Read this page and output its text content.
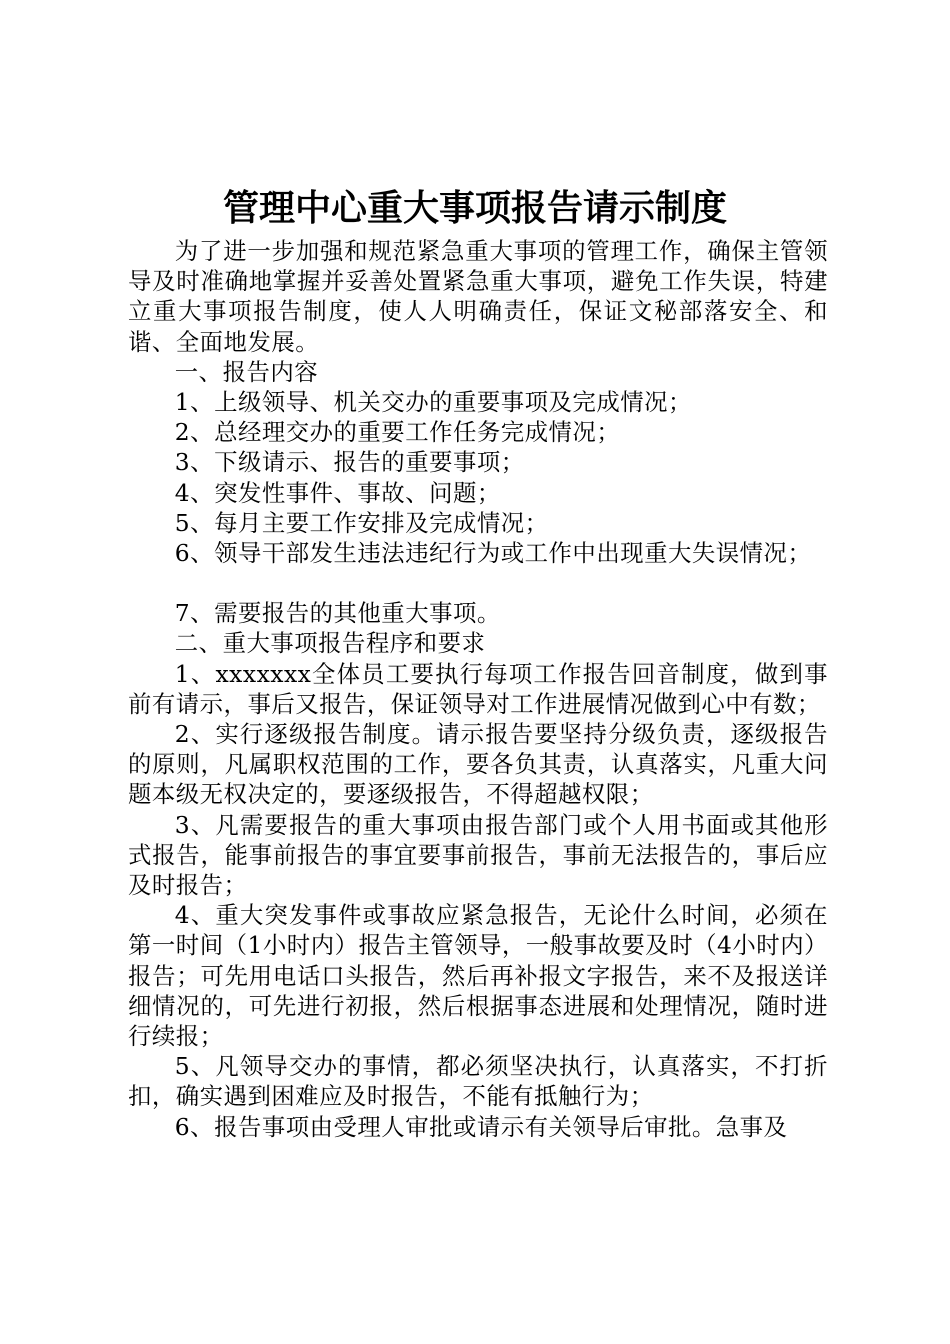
管理中心重大事项报告请示制度

为了进一步加强和规范紧急重大事项的管理工作，确保主管领导及时准确地掌握并妥善处置紧急重大事项，避免工作失误，特建立重大事项报告制度，使人人明确责任，保证文秘部落安全、和谐、全面地发展。

一、报告内容

1、上级领导、机关交办的重要事项及完成情况；

2、总经理交办的重要工作任务完成情况；

3、下级请示、报告的重要事项；

4、突发性事件、事故、问题；

5、每月主要工作安排及完成情况；

6、领导干部发生违法违纪行为或工作中出现重大失误情况；

7、需要报告的其他重大事项。

二、重大事项报告程序和要求

1、xxxxxxx全体员工要执行每项工作报告回音制度，做到事前有请示，事后又报告，保证领导对工作进展情况做到心中有数；

2、实行逐级报告制度。请示报告要坚持分级负责，逐级报告的原则，凡属职权范围的工作，要各负其责，认真落实，凡重大问题本级无权决定的，要逐级报告，不得超越权限；

3、凡需要报告的重大事项由报告部门或个人用书面或其他形式报告，能事前报告的事宜要事前报告，事前无法报告的，事后应及时报告；

4、重大突发事件或事故应紧急报告，无论什么时间，必须在第一时间（1小时内）报告主管领导，一般事故要及时（4小时内）报告；可先用电话口头报告，然后再补报文字报告，来不及报送详细情况的，可先进行初报，然后根据事态进展和处理情况，随时进行续报；

5、凡领导交办的事情，都必须坚决执行，认真落实，不打折扣，确实遇到困难应及时报告，不能有抵触行为；

6、报告事项由受理人审批或请示有关领导后审批。急事及
